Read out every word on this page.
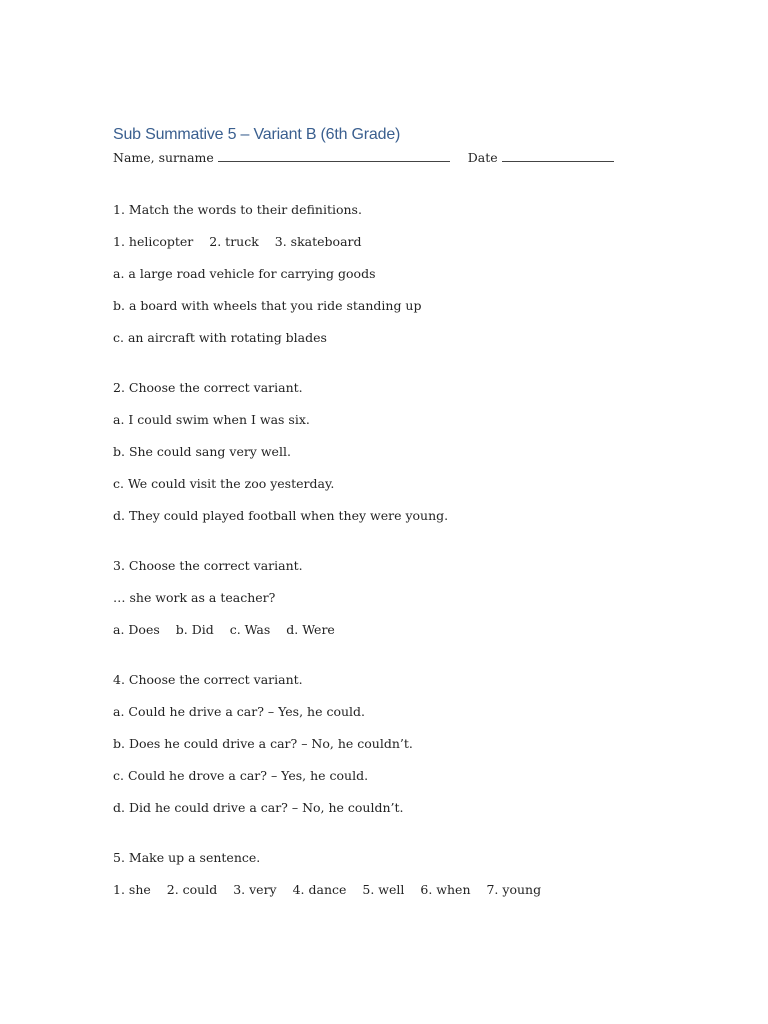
Sub Summative 5 – Variant B (6th Grade)
Name, surname	Date

1. Match the words to their definitions.

1. helicopter 2. truck 3. skateboard

a. a large road vehicle for carrying goods

b. a board with wheels that you ride standing up

c. an aircraft with rotating blades

2. Choose the correct variant.

a. I could swim when I was six.

b. She could sang very well.

c. We could visit the zoo yesterday.

d. They could played football when they were young.

3. Choose the correct variant.

… she work as a teacher?

a. Does b. Did c. Was d. Were

4. Choose the correct variant.

a. Could he drive a car? – Yes, he could.

b. Does he could drive a car? – No, he couldn’t.

c. Could he drove a car? – Yes, he could.

d. Did he could drive a car? – No, he couldn’t.

5. Make up a sentence.

1. she 2. could 3. very 4. dance 5. well 6. when 7. young
